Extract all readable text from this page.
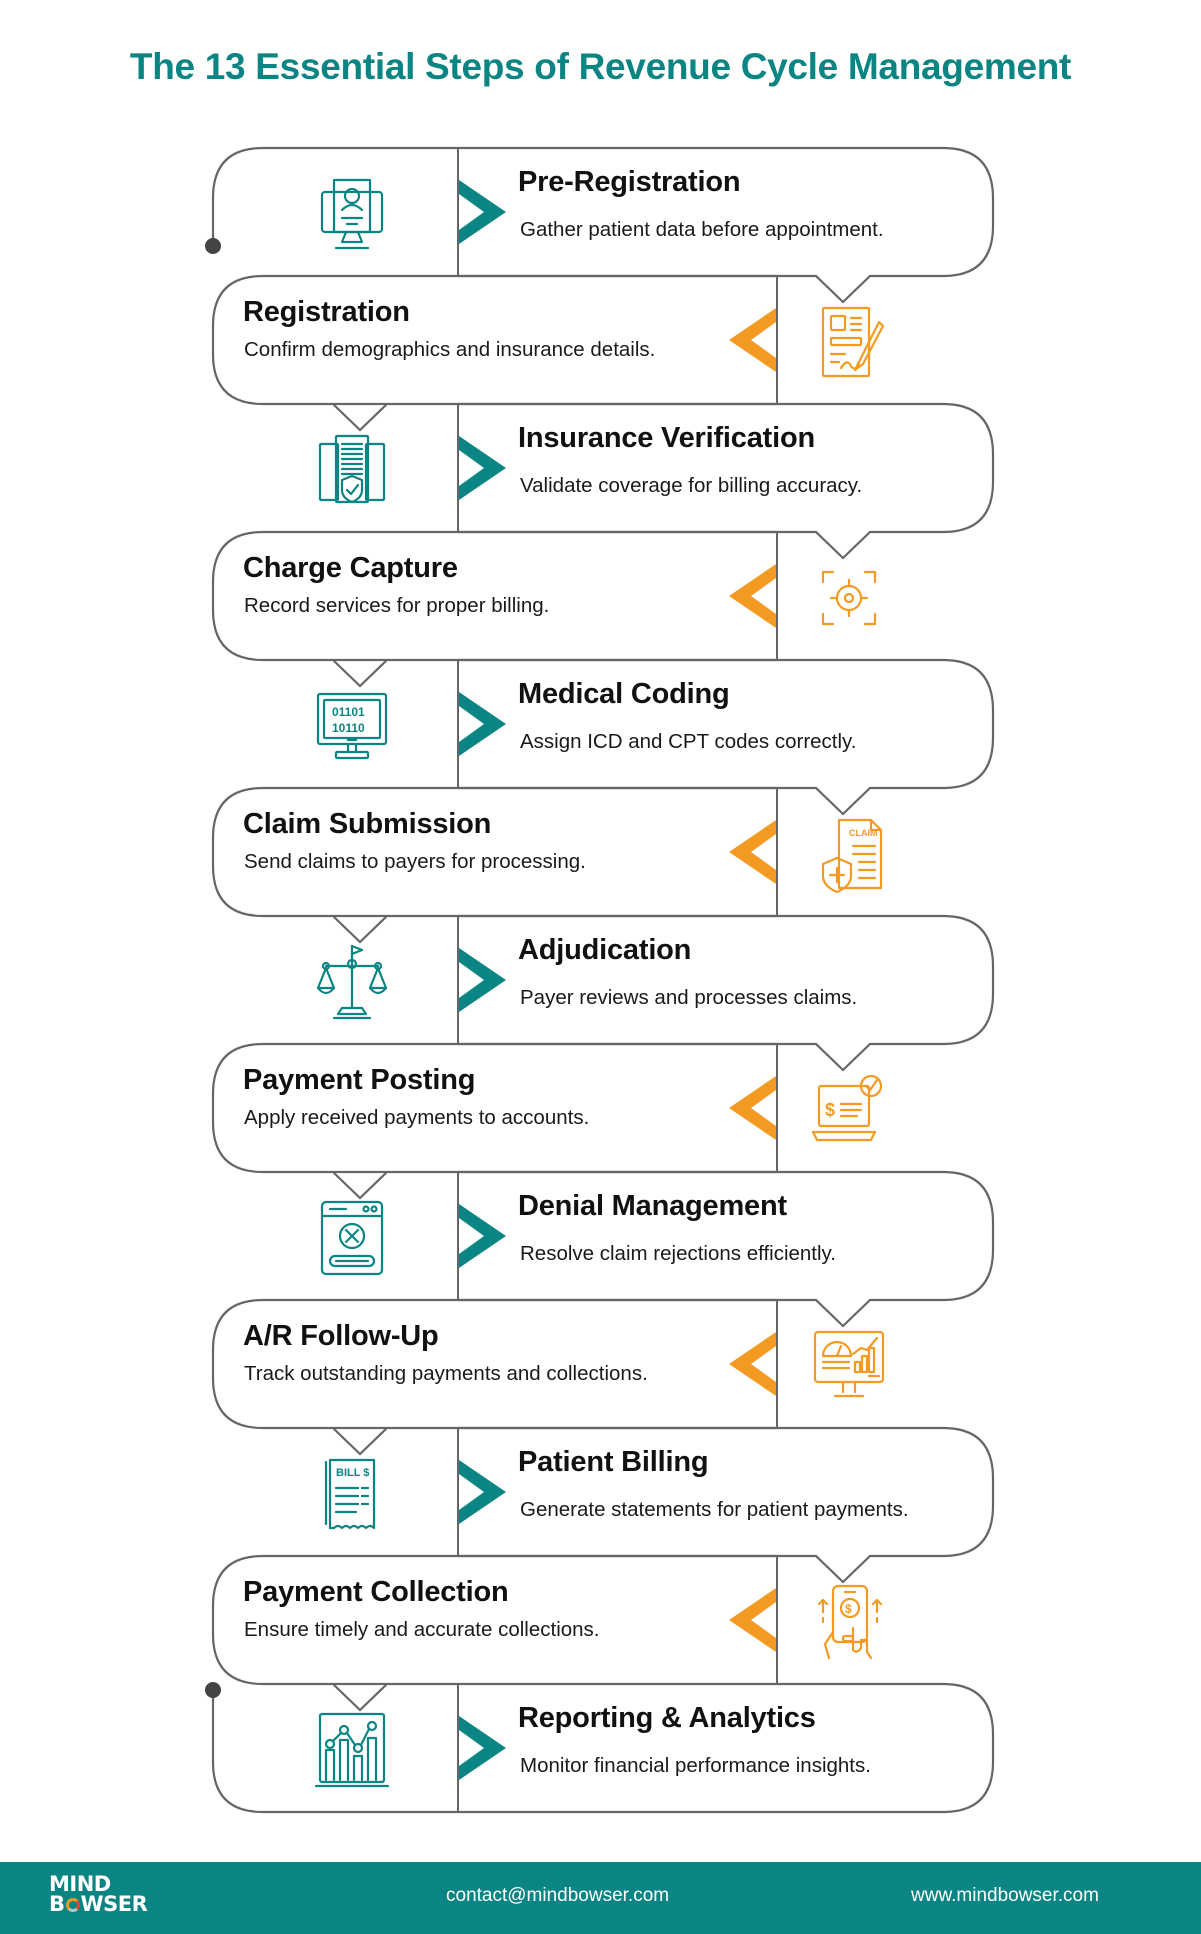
The 13 Essential Steps of Revenue Cycle Management
01101
10110
CLAIM
$
BILL $
$
Pre-Registration
Gather patient data before appointment.
Registration
Confirm demographics and insurance details.
Insurance Verification
Validate coverage for billing accuracy.
Charge Capture
Record services for proper billing.
Medical Coding
Assign ICD and CPT codes correctly.
Claim Submission
Send claims to payers for processing.
Adjudication
Payer reviews and processes claims.
Payment Posting
Apply received payments to accounts.
Denial Management
Resolve claim rejections efficiently.
A/R Follow-Up
Track outstanding payments and collections.
Patient Billing
Generate statements for patient payments.
Payment Collection
Ensure timely and accurate collections.
Reporting & Analytics
Monitor financial performance insights.
MIND
B WSER	contact@mindbowser.com	www.mindbowser.com
